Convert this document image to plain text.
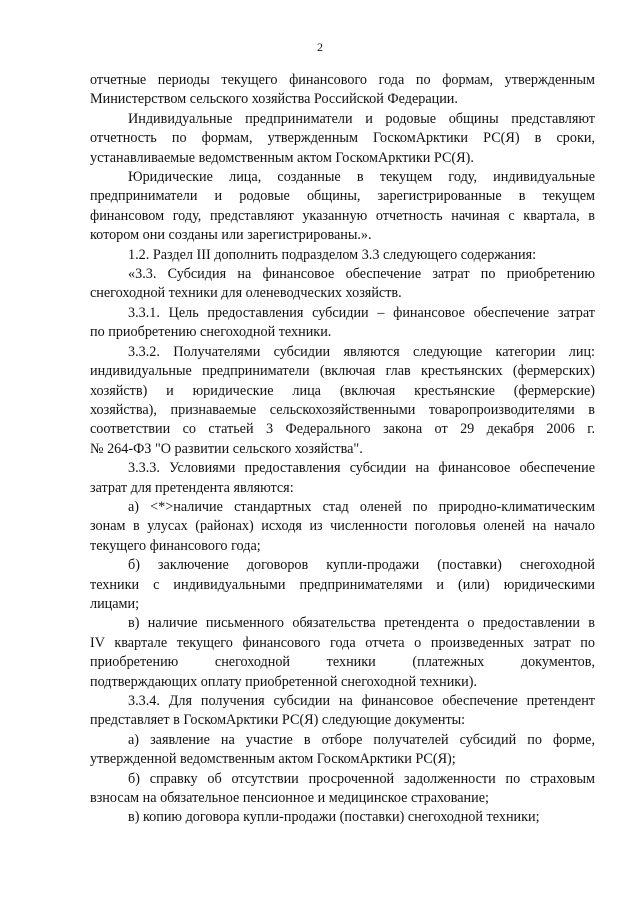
2
отчетные периоды текущего финансового года по формам, утвержденным
Министерством сельского хозяйства Российской Федерации.
Индивидуальные предприниматели и родовые общины представляют
отчетность по формам, утвержденным ГоскомАрктики РС(Я) в сроки,
устанавливаемые ведомственным актом ГоскомАрктики РС(Я).
Юридические лица, созданные в текущем году, индивидуальные
предприниматели и родовые общины, зарегистрированные в текущем
финансовом году, представляют указанную отчетность начиная с квартала, в
котором они созданы или зарегистрированы.».
1.2. Раздел III дополнить подразделом 3.3 следующего содержания:
«3.3. Субсидия на финансовое обеспечение затрат по приобретению
снегоходной техники для оленеводческих хозяйств.
3.3.1. Цель предоставления субсидии – финансовое обеспечение затрат
по приобретению снегоходной техники.
3.3.2. Получателями субсидии являются следующие категории лиц:
индивидуальные предприниматели (включая глав крестьянских (фермерских)
хозяйств) и юридические лица (включая крестьянские (фермерские)
хозяйства), признаваемые сельскохозяйственными товаропроизводителями в
соответствии со статьей 3 Федерального закона от 29 декабря 2006 г.
№ 264-ФЗ "О развитии сельского хозяйства".
3.3.3. Условиями предоставления субсидии на финансовое обеспечение
затрат для претендента являются:
а) <*>наличие стандартных стад оленей по природно-климатическим
зонам в улусах (районах) исходя из численности поголовья оленей на начало
текущего финансового года;
б) заключение договоров купли-продажи (поставки) снегоходной
техники с индивидуальными предпринимателями и (или) юридическими
лицами;
в) наличие письменного обязательства претендента о предоставлении в
IV квартале текущего финансового года отчета о произведенных затрат по
приобретению снегоходной техники (платежных документов,
подтверждающих оплату приобретенной снегоходной техники).
3.3.4. Для получения субсидии на финансовое обеспечение претендент
представляет в ГоскомАрктики РС(Я) следующие документы:
а) заявление на участие в отборе получателей субсидий по форме,
утвержденной ведомственным актом ГоскомАрктики РС(Я);
б) справку об отсутствии просроченной задолженности по страховым
взносам на обязательное пенсионное и медицинское страхование;
в) копию договора купли-продажи (поставки) снегоходной техники;
